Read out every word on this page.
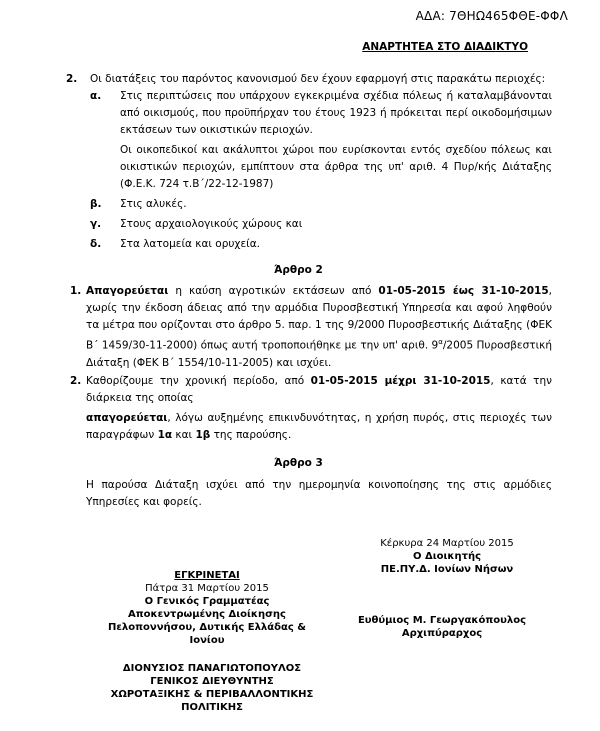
ΑΔΑ: 7ΘΗΩ465ΦΘΕ-ΦΦΛ
ΑΝΑΡΤΗΤΕΑ ΣΤΟ ΔΙΑΔΙΚΤΥΟ
2. Οι διατάξεις του παρόντος κανονισμού δεν έχουν εφαρμογή στις παρακάτω περιοχές:
α. Στις περιπτώσεις που υπάρχουν εγκεκριμένα σχέδια πόλεως ή καταλαμβάνονται από οικισμούς, που προϋπήρχαν του έτους 1923 ή πρόκειται περί οικοδομήσιμων εκτάσεων των οικιστικών περιοχών.
Οι οικοπεδικοί και ακάλυπτοι χώροι που ευρίσκονται εντός σχεδίου πόλεως και οικιστικών περιοχών, εμπίπτουν στα άρθρα της υπ' αριθ. 4 Πυρ/κής Διάταξης (Φ.Ε.Κ. 724 τ.Β΄/22-12-1987)
β. Στις αλυκές.
γ. Στους αρχαιολογικούς χώρους και
δ. Στα λατομεία και ορυχεία.
Άρθρο 2
1. Απαγορεύεται η καύση αγροτικών εκτάσεων από 01-05-2015 έως 31-10-2015, χωρίς την έκδοση άδειας από την αρμόδια Πυροσβεστική Υπηρεσία και αφού ληφθούν τα μέτρα που ορίζονται στο άρθρο 5. παρ. 1 της 9/2000 Πυροσβεστικής Διάταξης (ΦΕΚ Β΄ 1459/30-11-2000) όπως αυτή τροποποιήθηκε με την υπ' αριθ. $9^\alpha/2005$ Πυροσβεστική Διάταξη (ΦΕΚ Β΄ 1554/10-11-2005) και ισχύει.
2. Καθορίζουμε την χρονική περίοδο, από 01-05-2015 μέχρι 31-10-2015, κατά την διάρκεια της οποίας
απαγορεύεται, λόγω αυξημένης επικινδυνότητας, η χρήση πυρός, στις περιοχές των παραγράφων 1α και 1β της παρούσης.
Άρθρο 3
Η παρούσα Διάταξη ισχύει από την ημερομηνία κοινοποίησης της στις αρμόδιες Υπηρεσίες και φορείς.
Κέρκυρα 24 Μαρτίου 2015
Ο Διοικητής
ΠΕ.ΠΥ.Δ. Ιονίων Νήσων
Ευθύμιος Μ. Γεωργακόπουλος
Αρχιπύραρχος
ΕΓΚΡΙΝΕΤΑΙ
Πάτρα 31 Μαρτίου 2015
Ο Γενικός Γραμματέας
Αποκεντρωμένης Διοίκησης
Πελοποννήσου, Δυτικής Ελλάδας & Ιονίου
ΔΙΟΝΥΣΙΟΣ ΠΑΝΑΓΙΩΤΟΠΟΥΛΟΣ
ΓΕΝΙΚΟΣ ΔΙΕΥΘΥΝΤΗΣ
ΧΩΡΟΤΑΞΙΚΗΣ & ΠΕΡΙΒΑΛΛΟΝΤΙΚΗΣ
ΠΟΛΙΤΙΚΗΣ
